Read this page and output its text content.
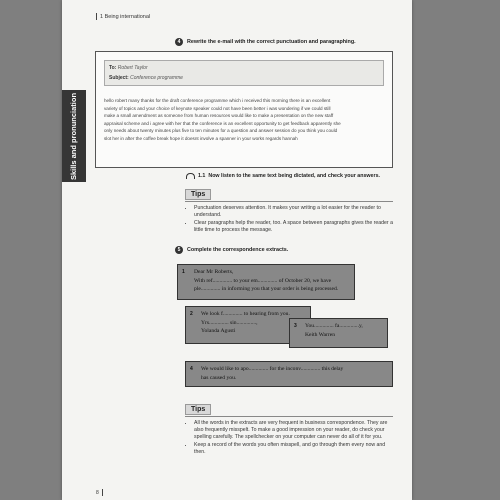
1 Being international
Skills and pronunciation
4	Rewrite the e-mail with the correct punctuation and paragraphing.
To: Robert Taylor
Subject: Conference programme
hello robert many thanks for the draft conference programme which i received this morning there is an excellent
variety of topics and your choice of keynote speaker could not have been better i was wondering if we could still
make a small amendment as someone from human resources would like to make a presentation on the new staff
appraisal scheme and i agree with her that the conference is an excellent opportunity to get feedback apparently she
only needs about twenty minutes plus five to ten minutes for a question and answer session do you think you could
slot her in after the coffee break hope it doesnt involve a spanner in your works regards hannah
1.1 Now listen to the same text being dictated, and check your answers.
Tips
• Punctuation deserves attention. It makes your writing a lot easier for the reader to understand.
• Clear paragraphs help the reader, too. A space between paragraphs gives the reader a little time to process the message.
5	Complete the correspondence extracts.
1	Dear Mr Roberts,
With ref.............. to your em.............. of October 20, we have
ple.............. in informing you that your order is being processed.
2	We look f.............. to hearing from you.
Yrs.............. sin..............,
Yolanda Agusti
3	You.............. fa..............y,
Keith Warren
4	We would like to apo.............. for the inconv.............. this delay
has caused you.
Tips
• All the words in the extracts are very frequent in business correspondence. They are also frequently misspelt. To make a good impression on your reader, do check your spelling carefully. The spellchecker on your computer can never do all of it for you.
• Keep a record of the words you often misspell, and go through them every now and then.
8
